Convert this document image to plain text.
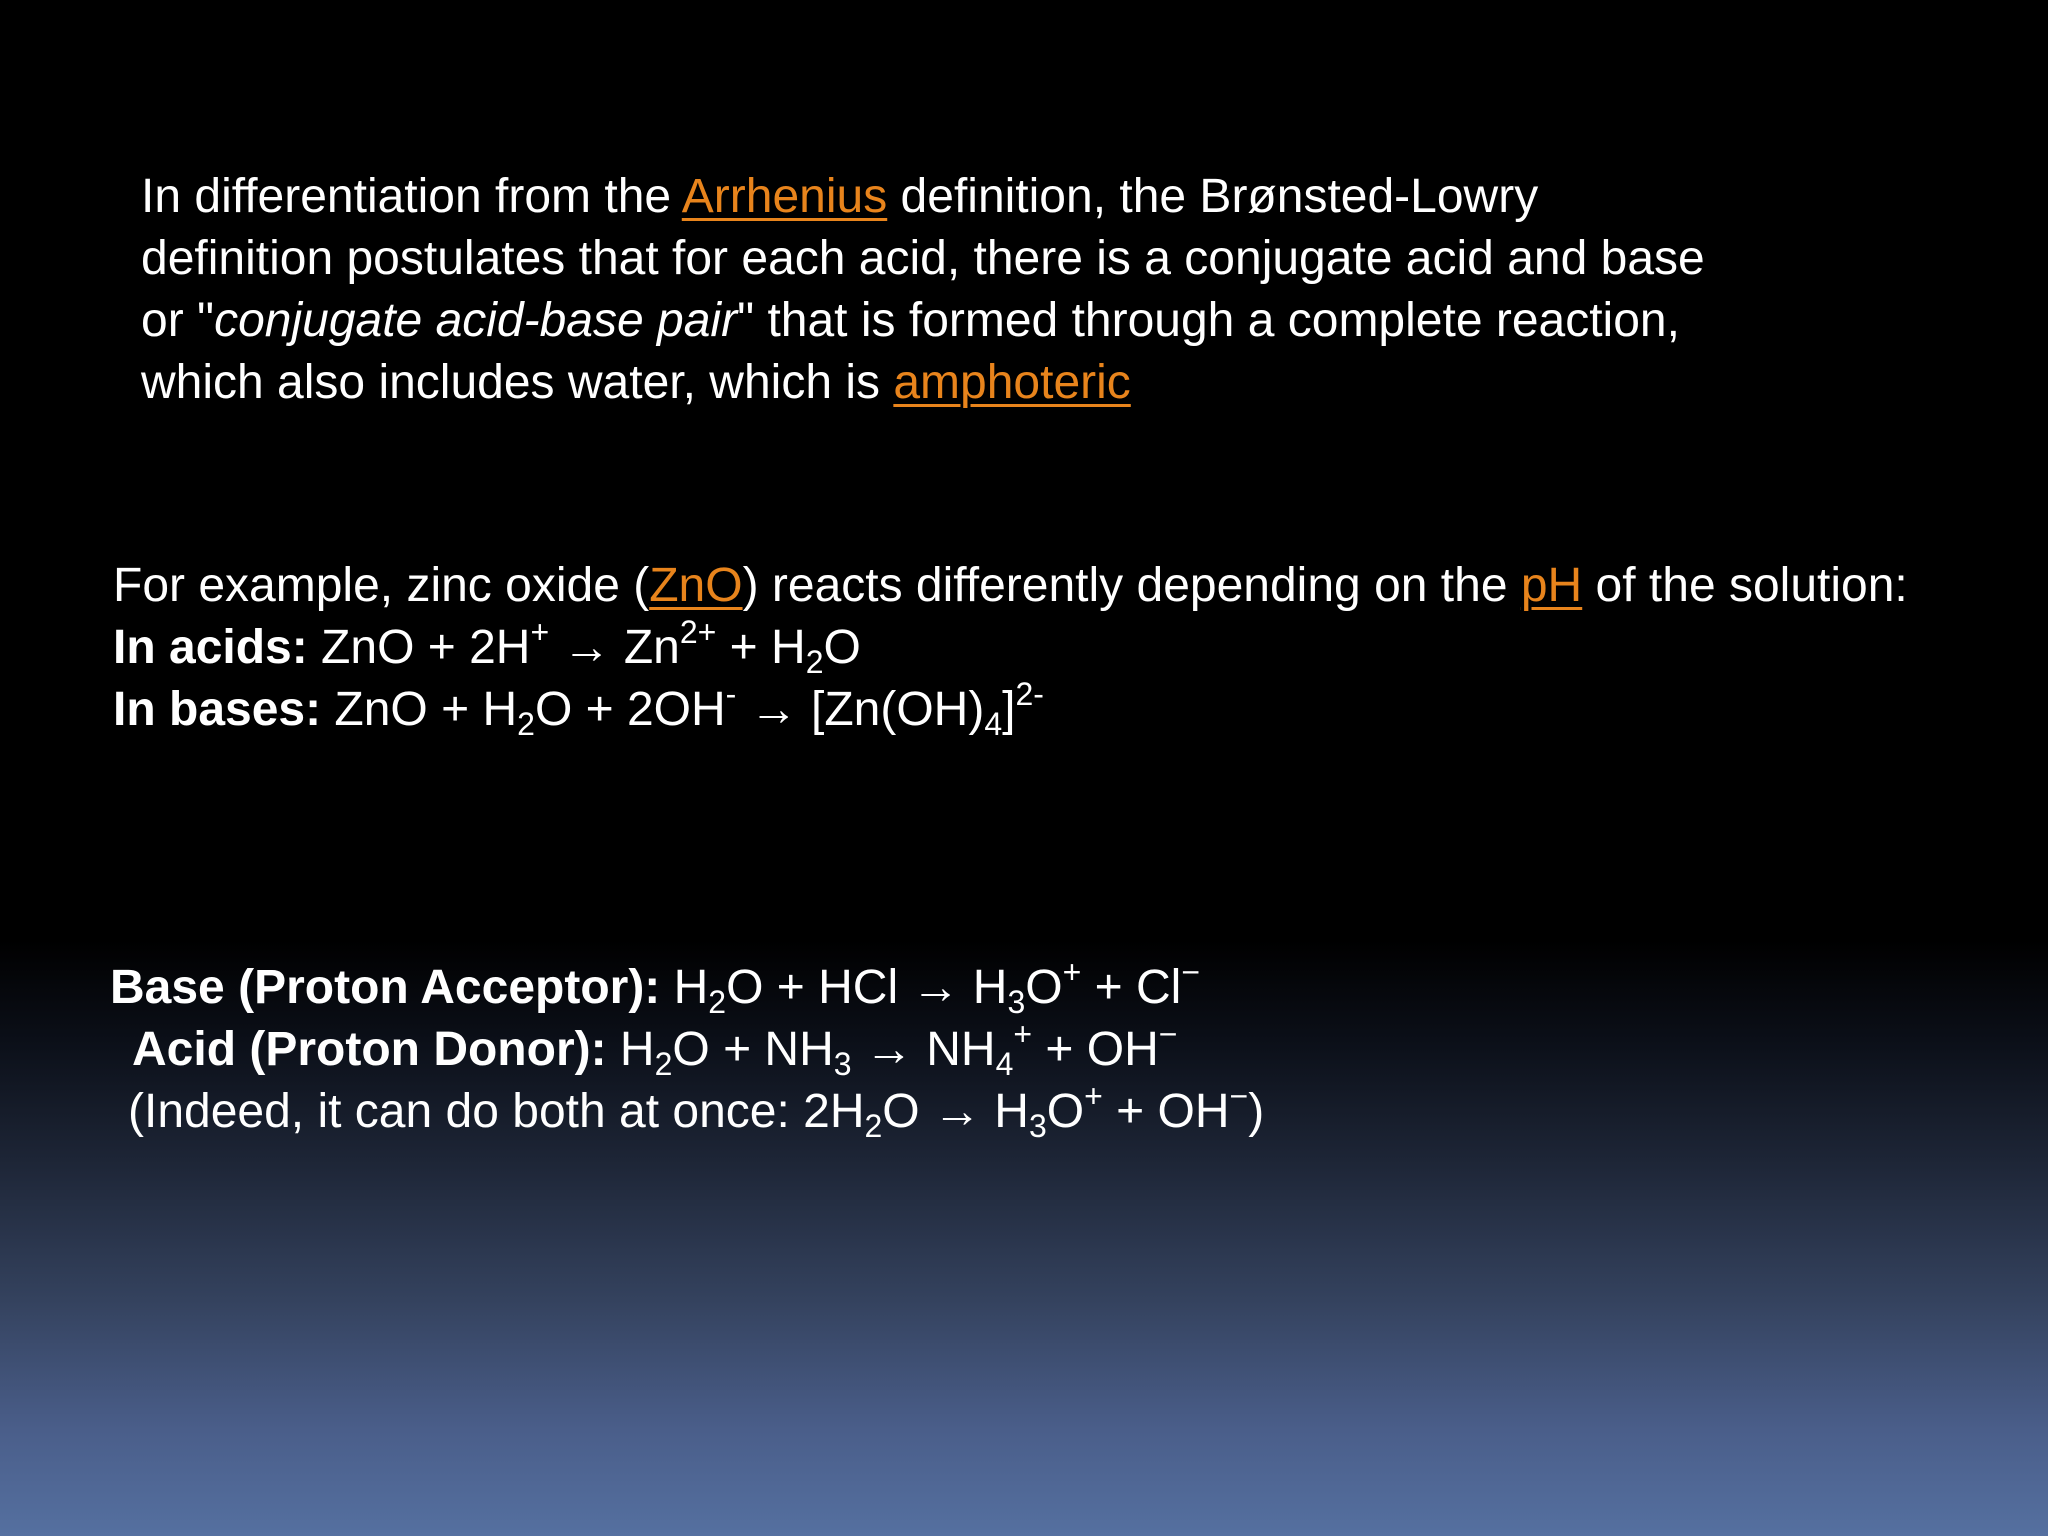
In differentiation from the Arrhenius definition, the Brønsted-Lowry
definition postulates that for each acid, there is a conjugate acid and base
or "conjugate acid-base pair" that is formed through a complete reaction,
which also includes water, which is amphoteric
For example, zinc oxide (ZnO) reacts differently depending on the pH of the solution:
In acids: ZnO + $2H^+ \to Zn^{2+} + H_2O$
In bases: ZnO + $H_2O + 2OH^- \to [Zn(OH)_4]^{2-}$
Base (Proton Acceptor): $H_2O$ + HCl → $H_3O^+ + Cl^-$
Acid (Proton Donor): $H_2O + NH_3 \to NH_4^+ + OH^-$
(Indeed, it can do both at once: $2H_2O \to H_3O^+ + OH^-$)
